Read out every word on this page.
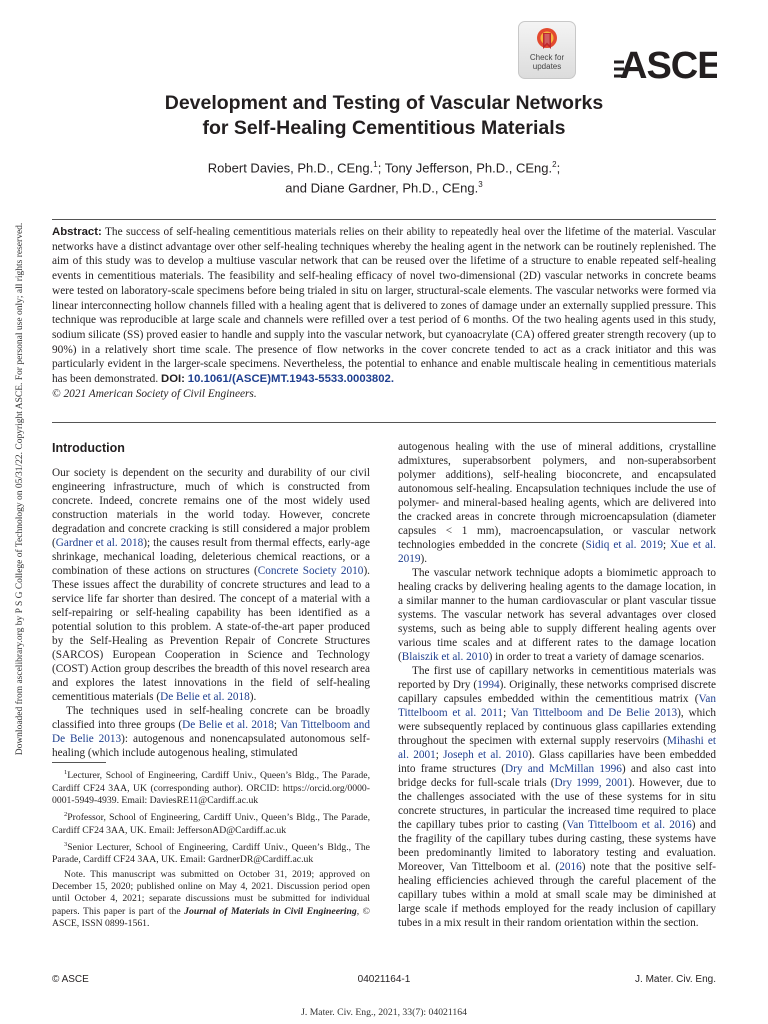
Downloaded from ascelibrary.org by P S G College of Technology on 05/31/22. Copyright ASCE. For personal use only; all rights reserved.
Check for
updates	ASCE
Development and Testing of Vascular Networks
for Self-Healing Cementitious Materials
Robert Davies, Ph.D., CEng.$^1$; Tony Jefferson, Ph.D., CEng.$^2$;
and Diane Gardner, Ph.D., CEng.$^3$
Abstract: The success of self-healing cementitious materials relies on their ability to repeatedly heal over the lifetime of the material. Vascular networks have a distinct advantage over other self-healing techniques whereby the healing agent in the network can be routinely replenished. The aim of this study was to develop a multiuse vascular network that can be reused over the lifetime of a structure to enable repeated self-healing events in cementitious materials. The feasibility and self-healing efficacy of novel two-dimensional (2D) vascular networks in concrete beams were tested on laboratory-scale specimens before being trialed in situ on larger, structural-scale elements. The vascular networks were formed via linear interconnecting hollow channels filled with a healing agent that is delivered to zones of damage under an externally supplied pressure. This technique was reproducible at large scale and channels were refilled over a test period of 6 months. Of the two healing agents used in this study, sodium silicate (SS) proved easier to handle and supply into the vascular network, but cyanoacrylate (CA) offered greater strength recovery (up to 90%) in a relatively short time scale. The presence of flow networks in the cover concrete tended to act as a crack initiator and this was particularly evident in the larger-scale specimens. Nevertheless, the potential to enhance and enable multiscale healing in cementitious materials has been demonstrated. DOI: 10.1061/(ASCE)MT.1943-5533.0003802.
© 2021 American Society of Civil Engineers.
Introduction

Our society is dependent on the security and durability of our civil engineering infrastructure, much of which is constructed from concrete. Indeed, concrete remains one of the most widely used construction materials in the world today. However, concrete degradation and concrete cracking is still considered a major problem (Gardner et al. 2018); the causes result from thermal effects, early-age shrinkage, mechanical loading, deleterious chemical reactions, or a combination of these actions on structures (Concrete Society 2010). These issues affect the durability of concrete structures and lead to a service life far shorter than desired. The concept of a material with a self-repairing or self-healing capability has been identified as a potential solution to this problem. A state-of-the-art paper produced by the Self-Healing as Prevention Repair of Concrete Structures (SARCOS) European Cooperation in Science and Technology (COST) Action group describes the breadth of this novel research area and explores the latest innovations in the field of self-healing cementitious materials (De Belie et al. 2018).

The techniques used in self-healing concrete can be broadly classified into three groups (De Belie et al. 2018; Van Tittelboom and De Belie 2013): autogenous and nonencapsulated autonomous self-healing (which include autogenous healing, stimulated

$^1$Lecturer, School of Engineering, Cardiff Univ., Queen’s Bldg., The Parade, Cardiff CF24 3AA, UK (corresponding author). ORCID: https://orcid.org/0000-0001-5949-4939. Email: DaviesRE11@Cardiff.ac.uk

$^2$Professor, School of Engineering, Cardiff Univ., Queen’s Bldg., The Parade, Cardiff CF24 3AA, UK. Email: JeffersonAD@Cardiff.ac.uk

$^3$Senior Lecturer, School of Engineering, Cardiff Univ., Queen’s Bldg., The Parade, Cardiff CF24 3AA, UK. Email: GardnerDR@Cardiff.ac.uk

Note. This manuscript was submitted on October 31, 2019; approved on December 15, 2020; published online on May 4, 2021. Discussion period open until October 4, 2021; separate discussions must be submitted for individual papers. This paper is part of the Journal of Materials in Civil Engineering, © ASCE, ISSN 0899-1561.

autogenous healing with the use of mineral additions, crystalline admixtures, superabsorbent polymers, and non-superabsorbent polymer additions), self-healing bioconcrete, and encapsulated autonomous self-healing. Encapsulation techniques include the use of polymer- and mineral-based healing agents, which are delivered into the cracked areas in concrete through microencapsulation (diameter capsules < 1 mm), macroencapsulation, or vascular network technologies embedded in the concrete (Sidiq et al. 2019; Xue et al. 2019).

The vascular network technique adopts a biomimetic approach to healing cracks by delivering healing agents to the damage location, in a similar manner to the human cardiovascular or plant vascular tissue systems. The vascular network has several advantages over closed systems, such as being able to supply different healing agents over various time scales and at different rates to the damage location (Blaiszik et al. 2010) in order to treat a variety of damage scenarios.

The first use of capillary networks in cementitious materials was reported by Dry (1994). Originally, these networks comprised discrete capillary capsules embedded within the cementitious matrix (Van Tittelboom et al. 2011; Van Tittelboom and De Belie 2013), which were subsequently replaced by continuous glass capillaries extending throughout the specimen with external supply reservoirs (Mihashi et al. 2001; Joseph et al. 2010). Glass capillaries have been embedded into frame structures (Dry and McMillan 1996) and also cast into bridge decks for full-scale trials (Dry 1999, 2001). However, due to the challenges associated with the use of these systems for in situ concrete structures, in particular the increased time required to place the capillary tubes prior to casting (Van Tittelboom et al. 2016) and the fragility of the capillary tubes during casting, these systems have been predominantly limited to laboratory testing and evaluation. Moreover, Van Tittelboom et al. (2016) note that the positive self-healing efficiencies achieved through the careful placement of the capillary tubes within a mold at small scale may be diminished at large scale if methods employed for the ready inclusion of capillary tubes in a mix result in their random orientation within the section.

© ASCE	04021164-1	J. Mater. Civ. Eng.
J. Mater. Civ. Eng., 2021, 33(7): 04021164
